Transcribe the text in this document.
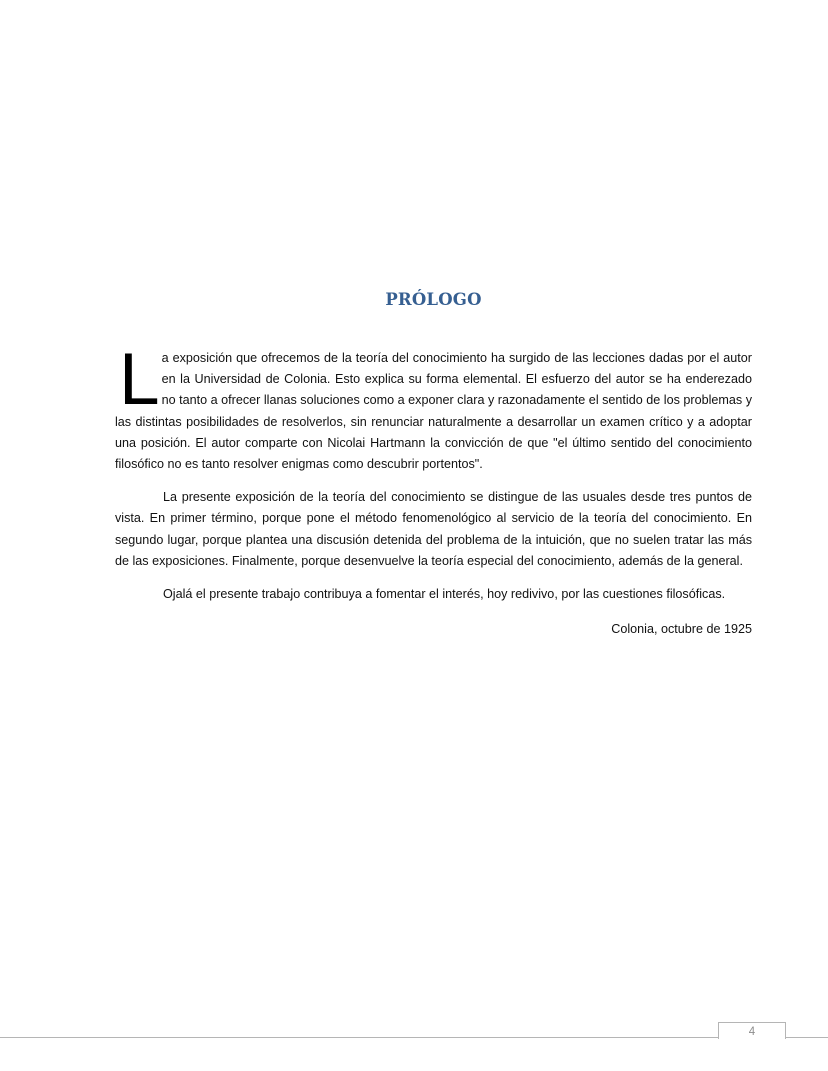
PRÓLOGO

La exposición que ofrecemos de la teoría del conocimiento ha surgido de las lecciones dadas por el autor en la Universidad de Colonia. Esto explica su forma elemental. El esfuerzo del autor se ha enderezado no tanto a ofrecer llanas soluciones como a exponer clara y razonadamente el sentido de los problemas y las distintas posibilidades de resolverlos, sin renunciar naturalmente a desarrollar un examen crítico y a adoptar una posición. El autor comparte con Nicolai Hartmann la convicción de que "el último sentido del conocimiento filosófico no es tanto resolver enigmas como descubrir portentos".

La presente exposición de la teoría del conocimiento se distingue de las usuales desde tres puntos de vista. En primer término, porque pone el método fenomenológico al servicio de la teoría del conocimiento. En segundo lugar, porque plantea una discusión detenida del problema de la intuición, que no suelen tratar las más de las exposiciones. Finalmente, porque desenvuelve la teoría especial del conocimiento, además de la general.

Ojalá el presente trabajo contribuya a fomentar el interés, hoy redivivo, por las cuestiones filosóficas.

Colonia, octubre de 1925
4
